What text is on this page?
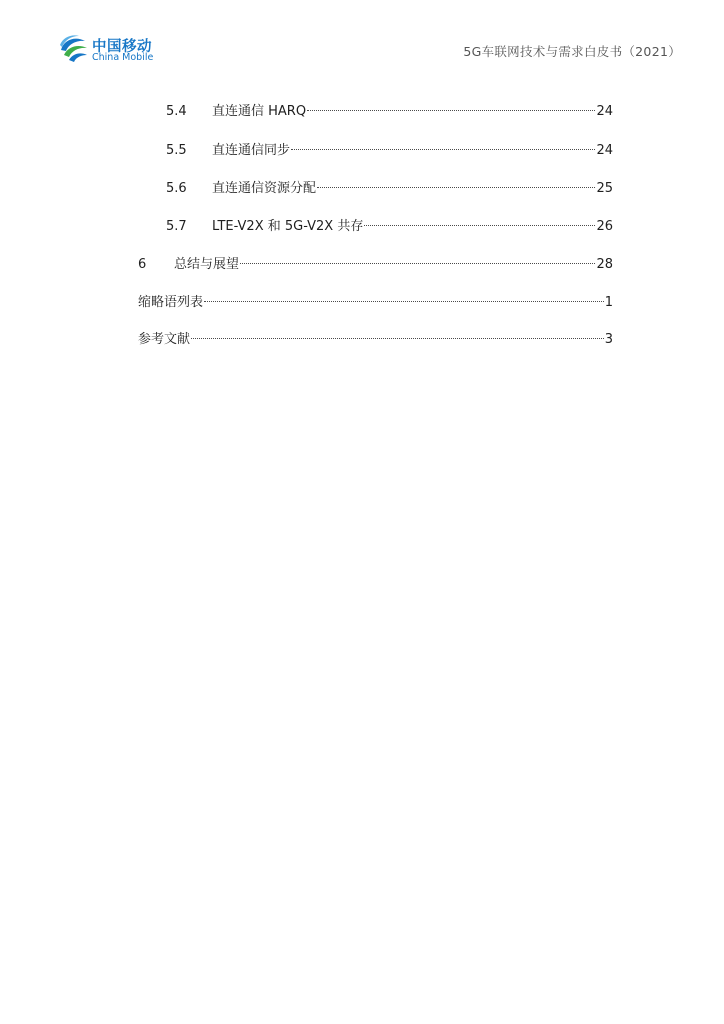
中国移动
China Mobile	5G车联网技术与需求白皮书（2021）
5.4	直连通信 HARQ	24
5.5	直连通信同步	24
5.6	直连通信资源分配	25
5.7	LTE-V2X 和 5G-V2X 共存	26
6	总结与展望	28
缩略语列表	1
参考文献	3
